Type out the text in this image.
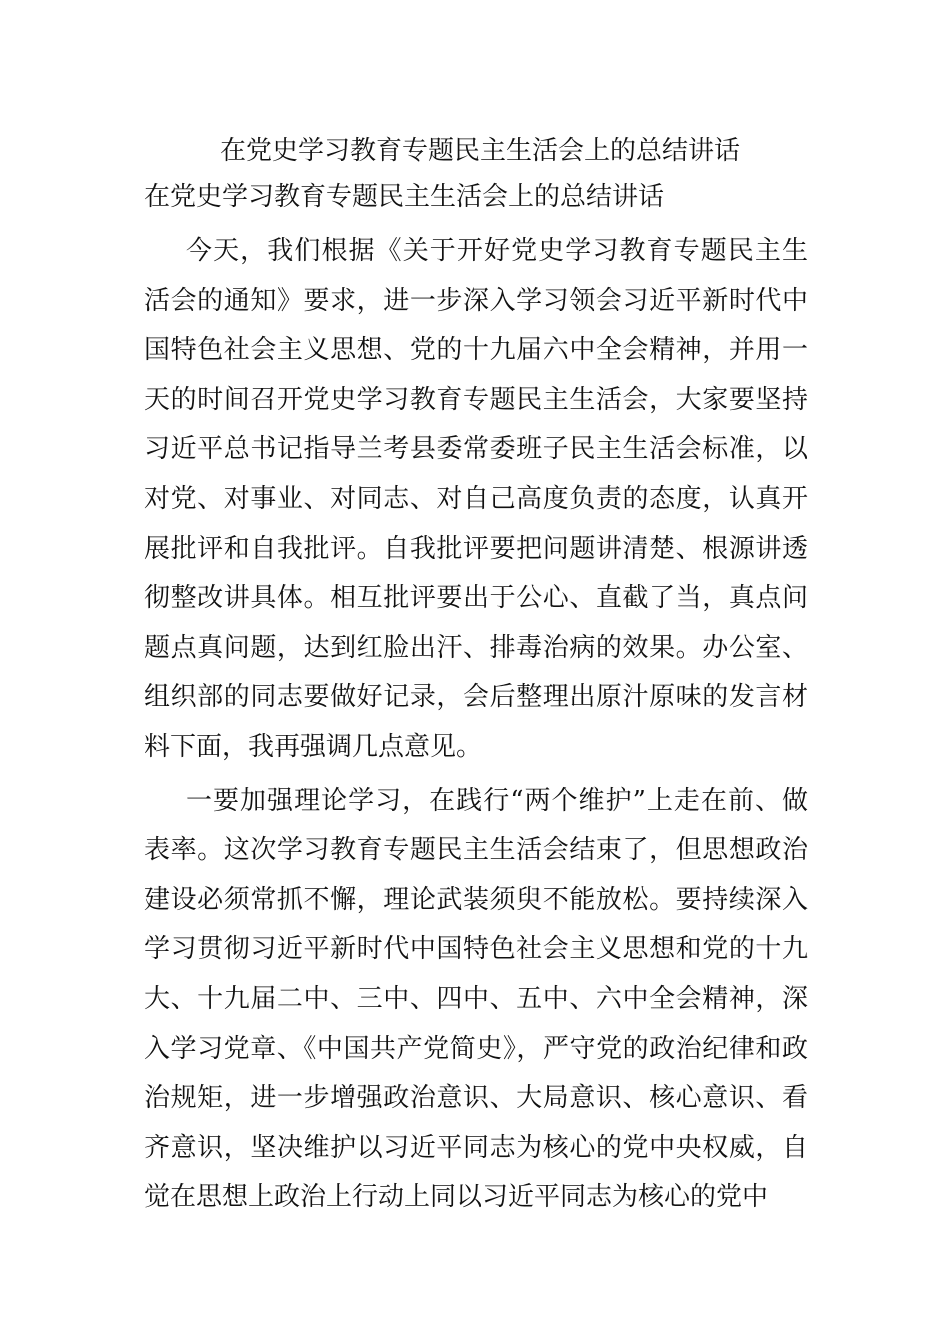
在党史学习教育专题民主生活会上的总结讲话
在党史学习教育专题民主生活会上的总结讲话

今天，我们根据《关于开好党史学习教育专题民主生活会的通知》要求，进一步深入学习领会习近平新时代中国特色社会主义思想、党的十九届六中全会精神，并用一天的时间召开党史学习教育专题民主生活会，大家要坚持习近平总书记指导兰考县委常委班子民主生活会标准，以对党、对事业、对同志、对自己高度负责的态度，认真开展批评和自我批评。自我批评要把问题讲清楚、根源讲透彻整改讲具体。相互批评要出于公心、直截了当，真点问题点真问题，达到红脸出汗、排毒治病的效果。办公室、组织部的同志要做好记录，会后整理出原汁原味的发言材料下面，我再强调几点意见。

一要加强理论学习，在践行“两个维护”上走在前、做表率。这次学习教育专题民主生活会结束了，但思想政治建设必须常抓不懈，理论武装须臾不能放松。要持续深入学习贯彻习近平新时代中国特色社会主义思想和党的十九大、十九届二中、三中、四中、五中、六中全会精神，深入学习党章、《中国共产党简史》，严守党的政治纪律和政治规矩，进一步增强政治意识、大局意识、核心意识、看齐意识，坚决维护以习近平同志为核心的党中央权威，自觉在思想上政治上行动上同以习近平同志为核心的党中
